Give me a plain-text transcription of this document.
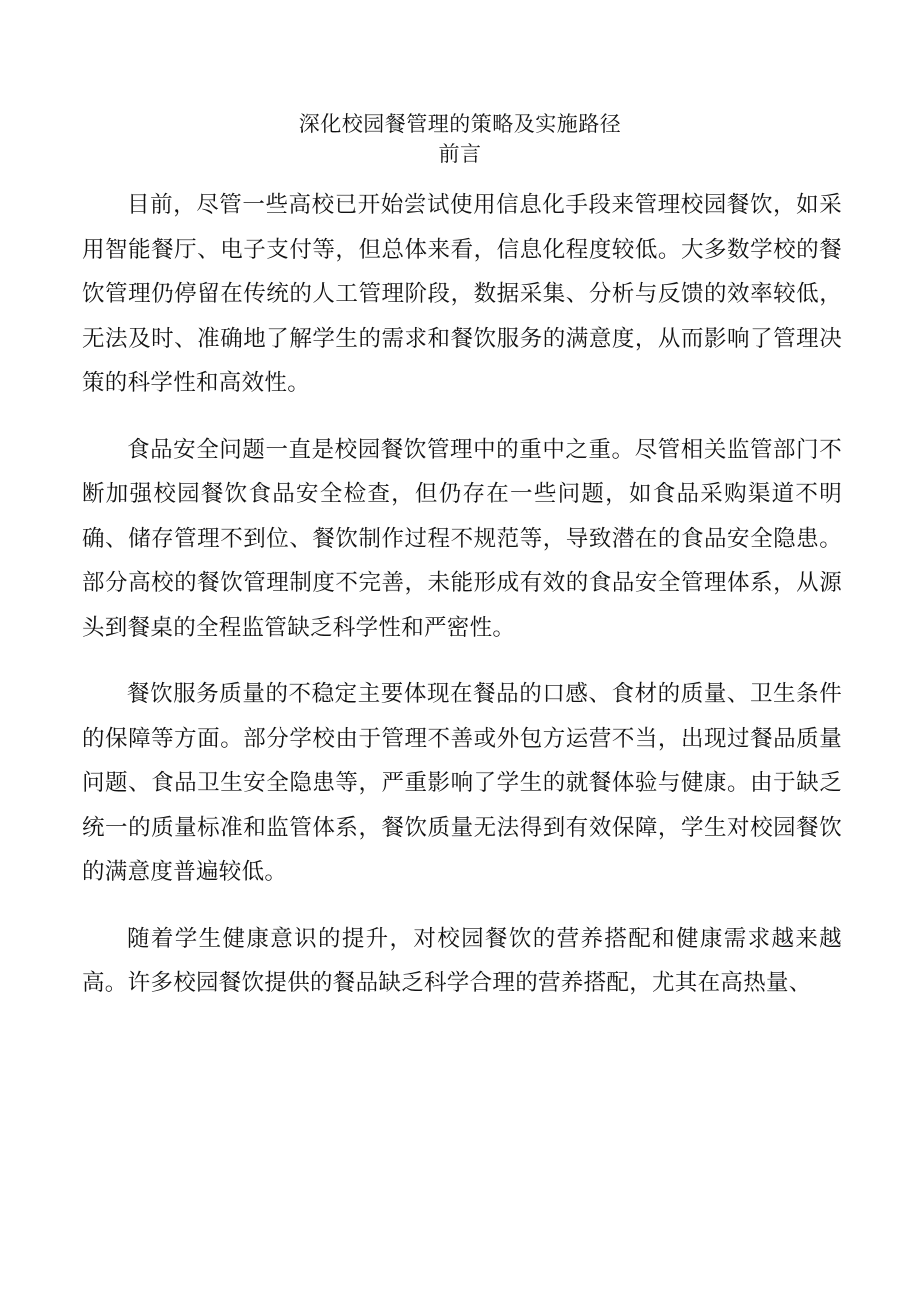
深化校园餐管理的策略及实施路径
前言

目前，尽管一些高校已开始尝试使用信息化手段来管理校园餐饮，如采用智能餐厅、电子支付等，但总体来看，信息化程度较低。大多数学校的餐饮管理仍停留在传统的人工管理阶段，数据采集、分析与反馈的效率较低，无法及时、准确地了解学生的需求和餐饮服务的满意度，从而影响了管理决策的科学性和高效性。

食品安全问题一直是校园餐饮管理中的重中之重。尽管相关监管部门不断加强校园餐饮食品安全检查，但仍存在一些问题，如食品采购渠道不明确、储存管理不到位、餐饮制作过程不规范等，导致潜在的食品安全隐患。部分高校的餐饮管理制度不完善，未能形成有效的食品安全管理体系，从源头到餐桌的全程监管缺乏科学性和严密性。

餐饮服务质量的不稳定主要体现在餐品的口感、食材的质量、卫生条件的保障等方面。部分学校由于管理不善或外包方运营不当，出现过餐品质量问题、食品卫生安全隐患等，严重影响了学生的就餐体验与健康。由于缺乏统一的质量标准和监管体系，餐饮质量无法得到有效保障，学生对校园餐饮的满意度普遍较低。

随着学生健康意识的提升，对校园餐饮的营养搭配和健康需求越来越高。许多校园餐饮提供的餐品缺乏科学合理的营养搭配，尤其在高热量、
